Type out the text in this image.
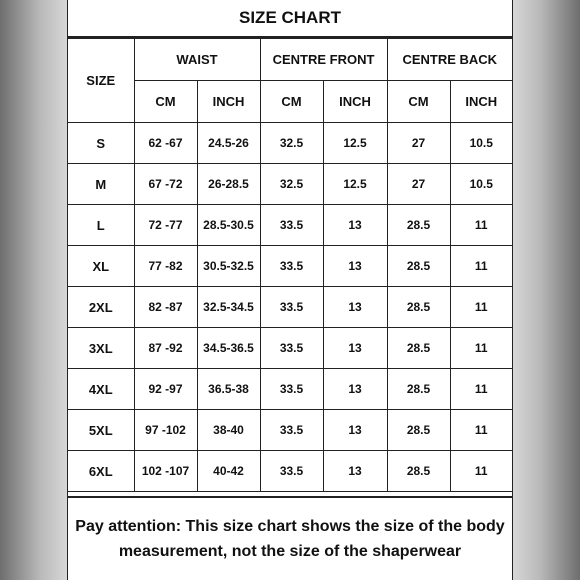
SIZE CHART
SIZE	WAIST		CENTRE FRONT		CENTRE BACK	
	CM	INCH	CM	INCH	CM	INCH
S	62 -67	24.5-26	32.5	12.5	27	10.5
M	67 -72	26-28.5	32.5	12.5	27	10.5
L	72 -77	28.5-30.5	33.5	13	28.5	11
XL	77 -82	30.5-32.5	33.5	13	28.5	11
2XL	82 -87	32.5-34.5	33.5	13	28.5	11
3XL	87 -92	34.5-36.5	33.5	13	28.5	11
4XL	92 -97	36.5-38	33.5	13	28.5	11
5XL	97 -102	38-40	33.5	13	28.5	11
6XL	102 -107	40-42	33.5	13	28.5	11
Pay attention: This size chart shows the size of the body
measurement, not the size of the shaperwear
